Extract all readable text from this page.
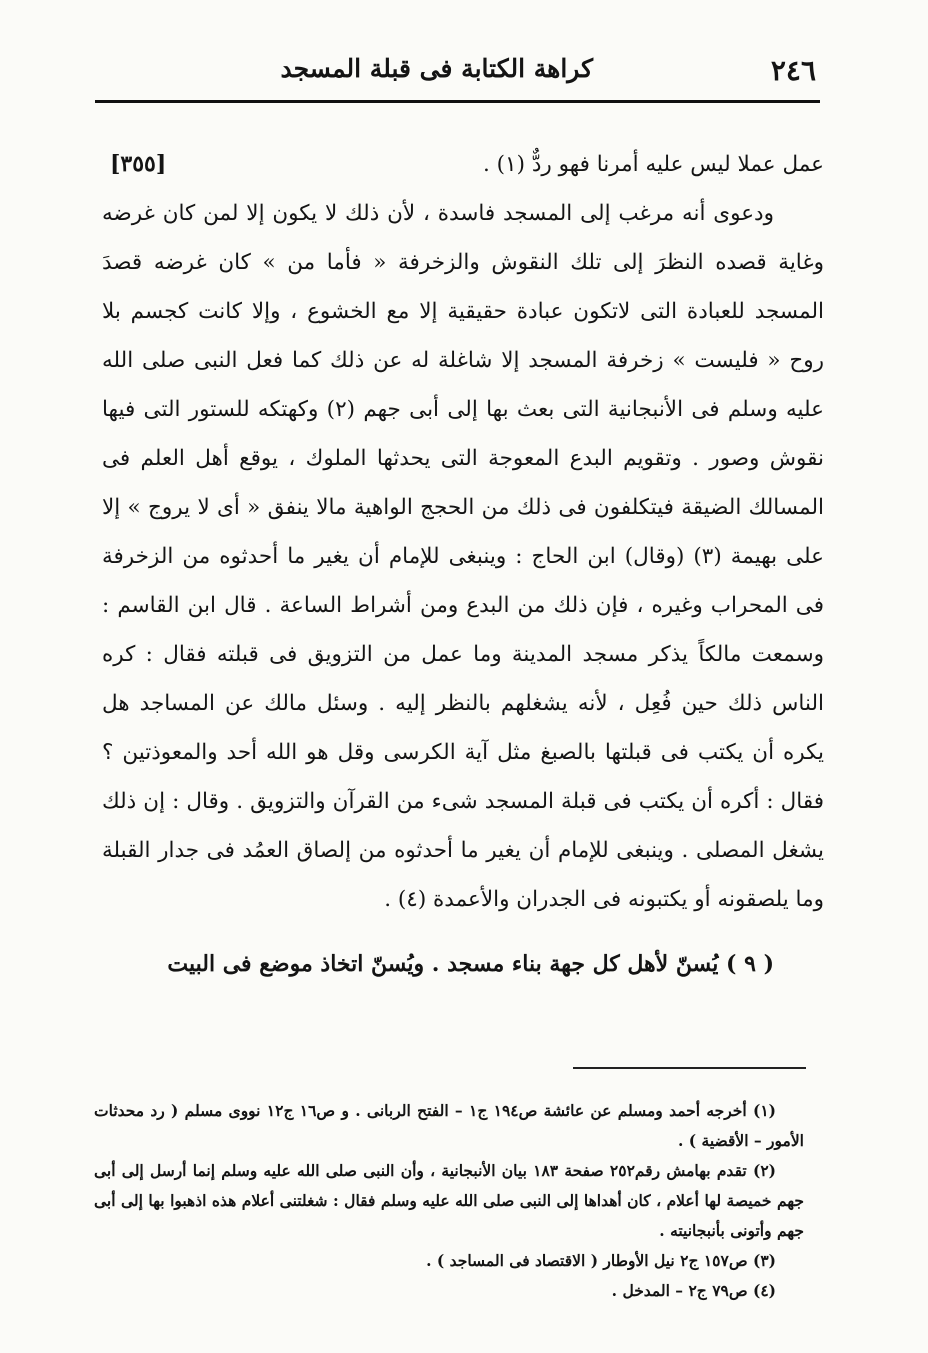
٢٤٦
كراهة الكتابة فى قبلة المسجد

عمل عملا ليس عليه أمرنا فهو ردٌّ (١) .
[٣٥٥]

ودعوى أنه مرغب إلى المسجد فاسدة ، لأن ذلك لا يكون إلا لمن كان غرضه وغاية قصده النظرَ إلى تلك النقوش والزخرفة « فأما من » كان غرضه قصدَ المسجد للعبادة التى لاتكون عبادة حقيقية إلا مع الخشوع ، وإلا كانت كجسم بلا روح « فليست » زخرفة المسجد إلا شاغلة له عن ذلك كما فعل النبى صلى الله عليه وسلم فى الأنبجانية التى بعث بها إلى أبى جهم (٢) وكهتكه للستور التى فيها نقوش وصور . وتقويم البدع المعوجة التى يحدثها الملوك ، يوقع أهل العلم فى المسالك الضيقة فيتكلفون فى ذلك من الحجج الواهية مالا ينفق « أى لا يروج » إلا على بهيمة (٣) (وقال) ابن الحاج : وينبغى للإمام أن يغير ما أحدثوه من الزخرفة فى المحراب وغيره ، فإن ذلك من البدع ومن أشراط الساعة . قال ابن القاسم : وسمعت مالكاً يذكر مسجد المدينة وما عمل من التزويق فى قبلته فقال : كره الناس ذلك حين فُعِل ، لأنه يشغلهم بالنظر إليه . وسئل مالك عن المساجد هل يكره أن يكتب فى قبلتها بالصبغ مثل آية الكرسى وقل هو الله أحد والمعوذتين ؟ فقال : أكره أن يكتب فى قبلة المسجد شىء من القرآن والتزويق . وقال : إن ذلك يشغل المصلى . وينبغى للإمام أن يغير ما أحدثوه من إلصاق العمُد فى جدار القبلة وما يلصقونه أو يكتبونه فى الجدران والأعمدة (٤) .

( ٩ ) يُسنّ لأهل كل جهة بناء مسجد . ويُسنّ اتخاذ موضع فى البيت

(١) أخرجه أحمد ومسلم عن عائشة ص١٩٤ ج١ – الفتح الربانى . و ص١٦ ج١٢ نووى مسلم ( رد محدثات الأمور – الأقضية ) .

(٢) تقدم بهامش رقم٢٥٢ صفحة ١٨٣ بيان الأنبجانية ، وأن النبى صلى الله عليه وسلم إنما أرسل إلى أبى جهم خميصة لها أعلام ، كان أهداها إلى النبى صلى الله عليه وسلم فقال : شغلتنى أعلام هذه اذهبوا بها إلى أبى جهم وأتونى بأنبجانيته .

(٣) ص١٥٧ ج٢ نيل الأوطار ( الاقتصاد فى المساجد ) .

(٤) ص٧٩ ج٢ – المدخل .
